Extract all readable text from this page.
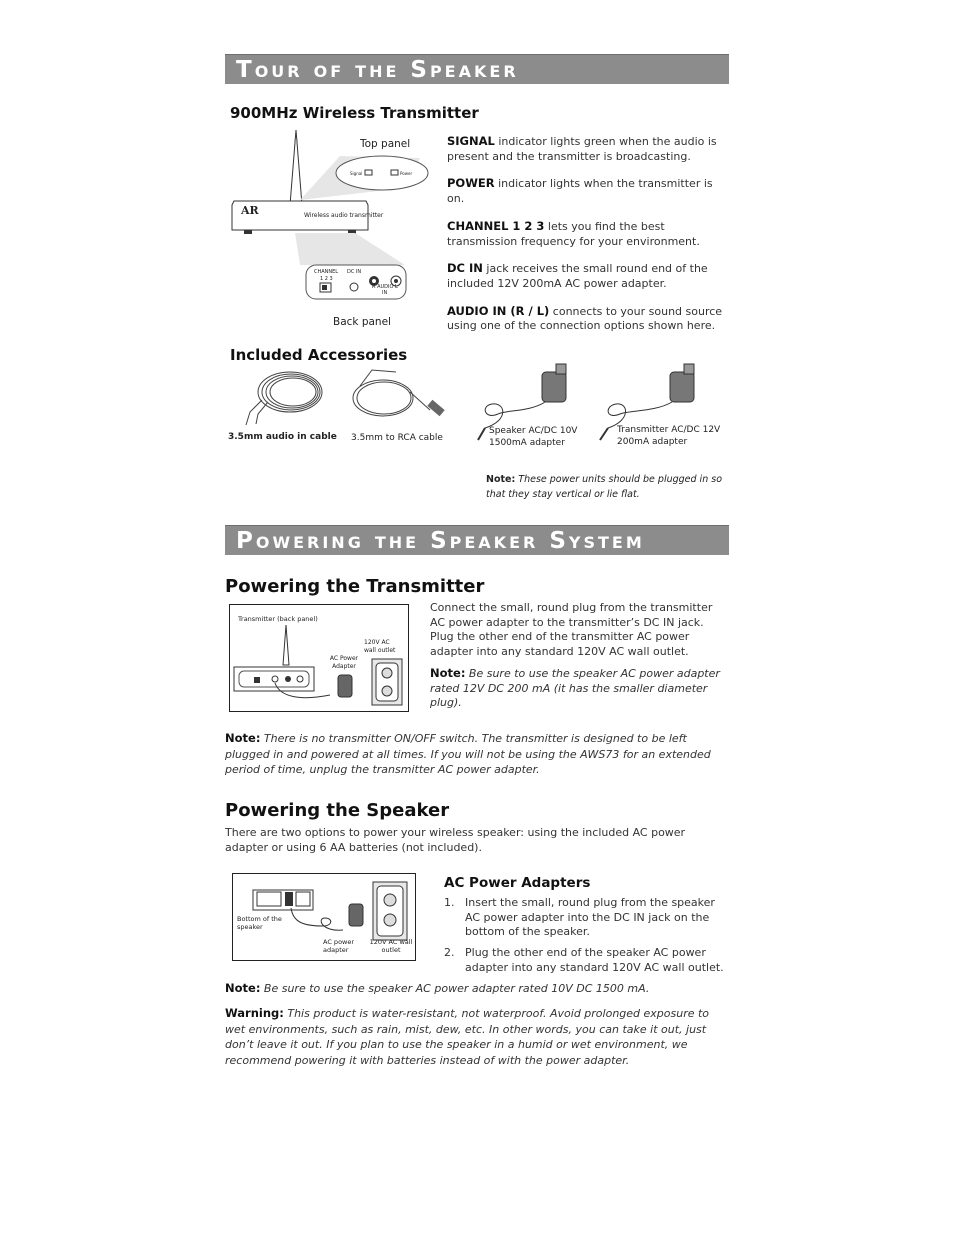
Tour of the Speaker
900MHz Wireless Transmitter
AR	Wireless audio transmitter
Signal	Power
CHANNEL
1 2 3
DC IN
R AUDIO L
IN
Top panel
Back panel

SIGNAL indicator lights green when the audio is present and the transmitter is broadcasting.

POWER indicator lights when the transmitter is on.

CHANNEL 1 2 3 lets you find the best transmission frequency for your environment.

DC IN jack receives the small round end of the included 12V 200mA AC power adapter.

AUDIO IN (R / L) connects to your sound source using one of the connection options shown here.

Included Accessories
3.5mm audio in cable 3.5mm to RCA cable
Speaker AC/DC 10V
1500mA adapter
Transmitter AC/DC 12V
200mA adapter
Note: These power units should be plugged in so that they stay vertical or lie flat.
Powering the Speaker System
Powering the Transmitter
Transmitter (back panel)
AC Power Adapter
120V AC wall outlet

Connect the small, round plug from the transmitter AC power adapter to the transmitter’s DC IN jack. Plug the other end of the transmitter AC power adapter into any standard 120V AC wall outlet.

Note: Be sure to use the speaker AC power adapter rated 12V DC 200 mA (it has the smaller diameter plug).

Note: There is no transmitter ON/OFF switch. The transmitter is designed to be left plugged in and powered at all times. If you will not be using the AWS73 for an extended period of time, unplug the transmitter AC power adapter.
Powering the Speaker
There are two options to power your wireless speaker: using the included AC power adapter or using 6 AA batteries (not included).
Bottom of the speaker
AC power adapter
120V AC wall outlet
AC Power Adapters
1. Insert the small, round plug from the speaker AC power adapter into the DC IN jack on the bottom of the speaker.
2. Plug the other end of the speaker AC power adapter into any standard 120V AC wall outlet.
Note: Be sure to use the speaker AC power adapter rated 10V DC 1500 mA.
Warning: This product is water-resistant, not waterproof. Avoid prolonged exposure to wet environments, such as rain, mist, dew, etc. In other words, you can take it out, just don’t leave it out. If you plan to use the speaker in a humid or wet environment, we recommend powering it with batteries instead of with the power adapter.
